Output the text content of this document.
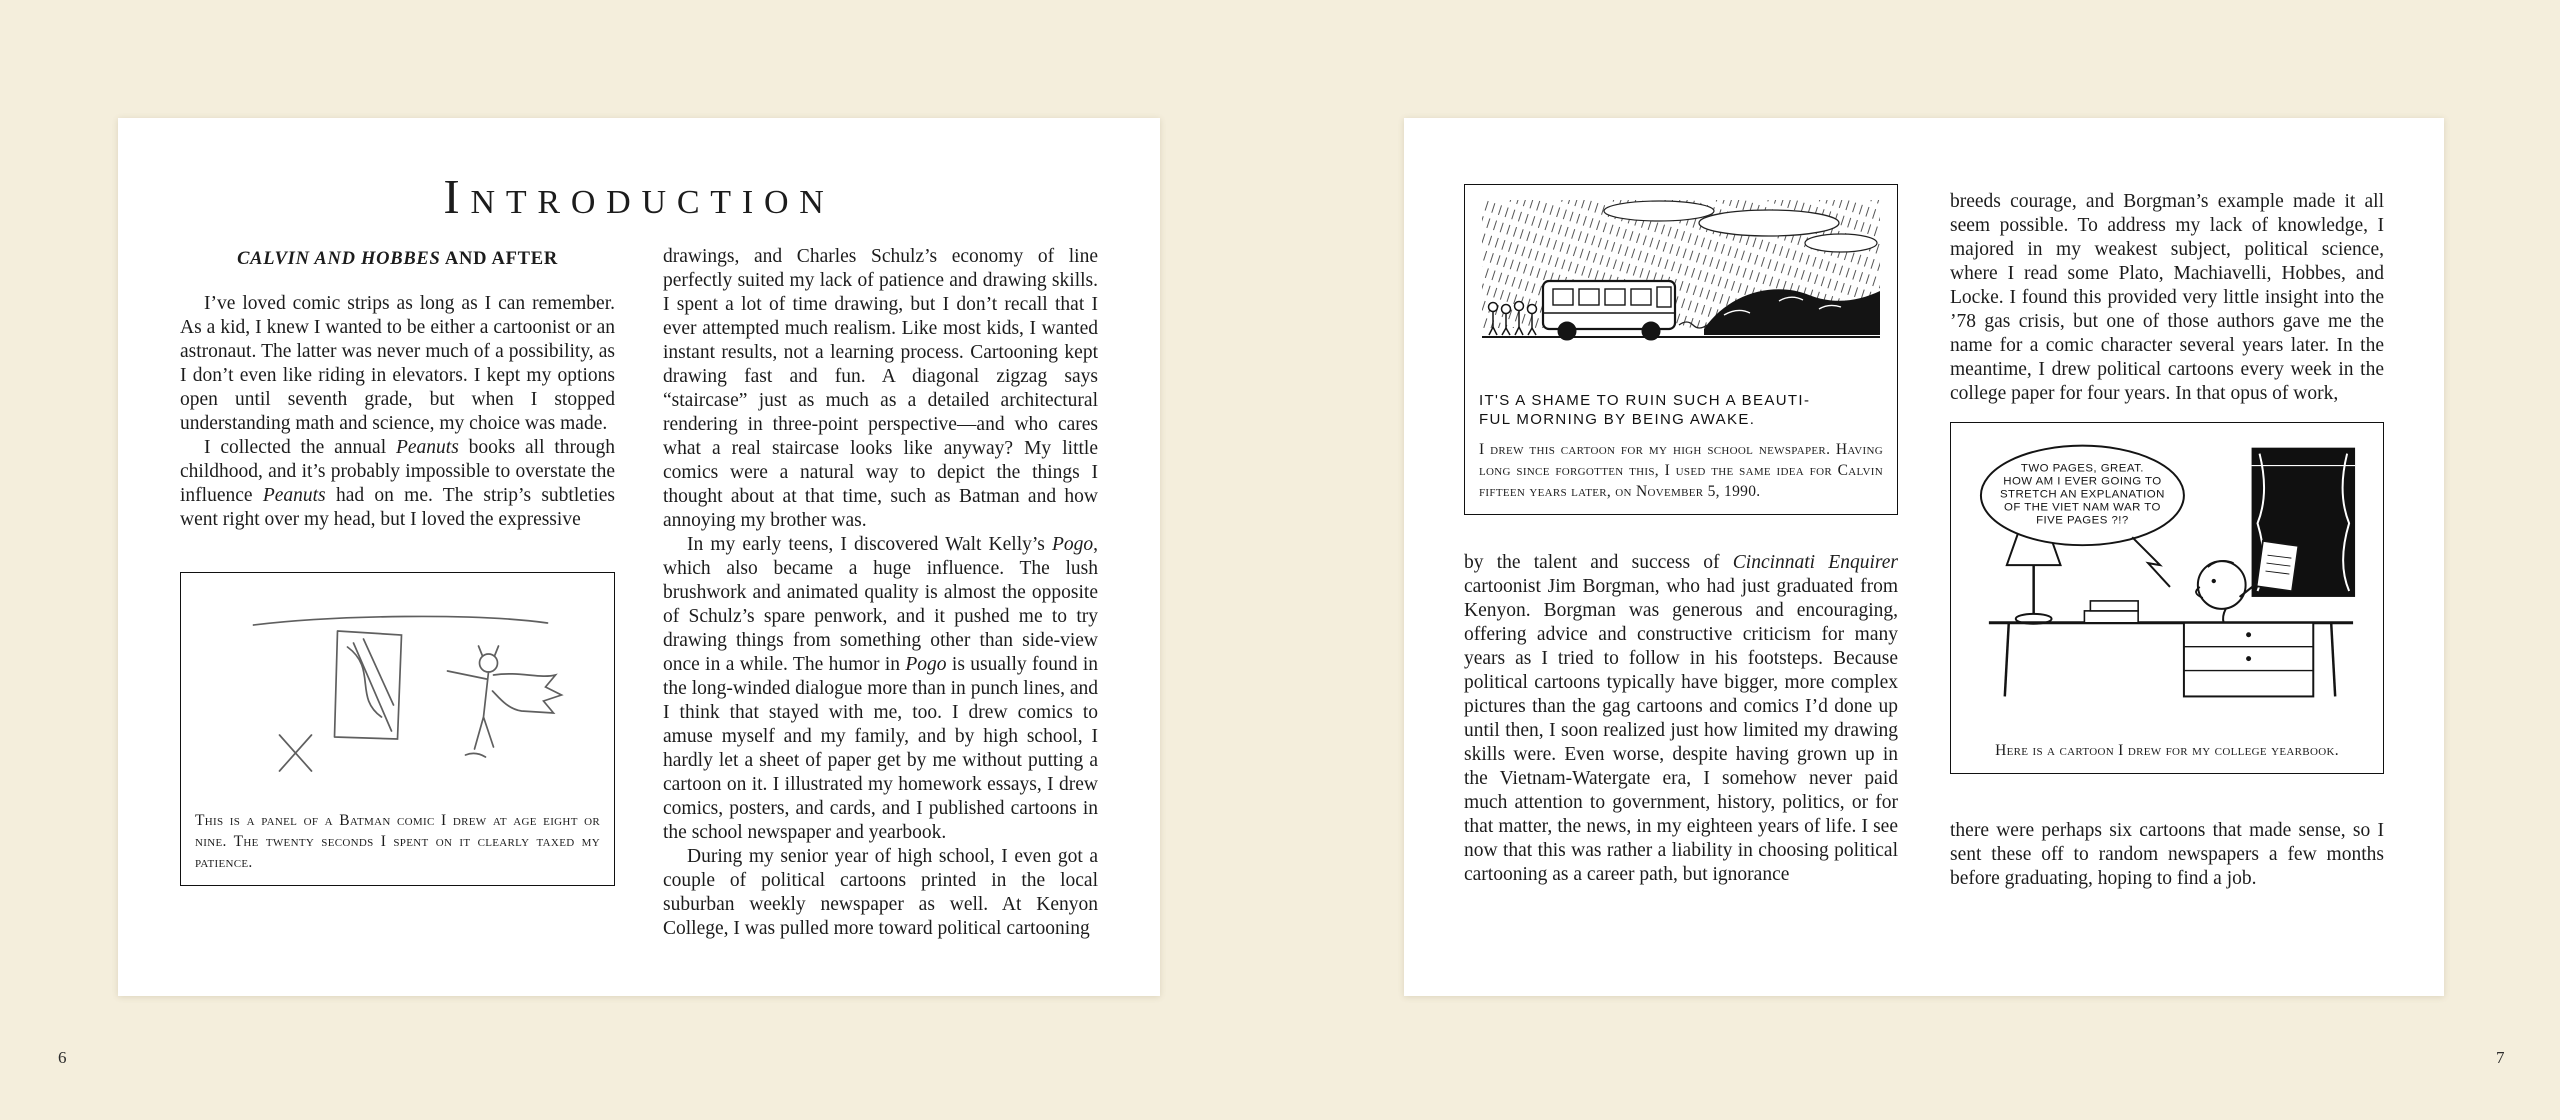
Introduction
CALVIN AND HOBBES AND AFTER

I’ve loved comic strips as long as I can remember. As a kid, I knew I wanted to be either a cartoonist or an astronaut. The latter was never much of a possibility, as I don’t even like riding in elevators. I kept my options open until seventh grade, but when I stopped understanding math and science, my choice was made.

I collected the annual Peanuts books all through childhood, and it’s probably impossible to overstate the influence Peanuts had on me. The strip’s subtleties went right over my head, but I loved the expressive

This is a panel of a Batman comic I drew at age eight or nine. The twenty seconds I spent on it clearly taxed my patience.

drawings, and Charles Schulz’s economy of line perfectly suited my lack of patience and drawing skills. I spent a lot of time drawing, but I don’t recall that I ever attempted much realism. Like most kids, I wanted instant results, not a learning process. Cartooning kept drawing fast and fun. A diagonal zigzag says “staircase” just as much as a detailed architectural rendering in three-point perspective—and who cares what a real staircase looks like anyway? My little comics were a natural way to depict the things I thought about at that time, such as Batman and how annoying my brother was.

In my early teens, I discovered Walt Kelly’s Pogo, which also became a huge influence. The lush brushwork and animated quality is almost the opposite of Schulz’s spare penwork, and it pushed me to try drawing things from something other than side-view once in a while. The humor in Pogo is usually found in the long-winded dialogue more than in punch lines, and I think that stayed with me, too. I drew comics to amuse myself and my family, and by high school, I hardly let a sheet of paper get by me without putting a cartoon on it. I illustrated my homework essays, I drew comics, posters, and cards, and I published cartoons in the school newspaper and yearbook.

During my senior year of high school, I even got a couple of political cartoons printed in the local suburban weekly newspaper as well. At Kenyon College, I was pulled more toward political cartooning

IT'S A SHAME TO RUIN SUCH A BEAUTI-
FUL MORNING BY BEING AWAKE.
I drew this cartoon for my high school newspaper. Having long since forgotten this, I used the same idea for Calvin fifteen years later, on November 5, 1990.

by the talent and success of Cincinnati Enquirer cartoonist Jim Borgman, who had just graduated from Kenyon. Borgman was generous and encouraging, offering advice and constructive criticism for many years as I tried to follow in his footsteps. Because political cartoons typically have bigger, more complex pictures than the gag cartoons and comics I’d done up until then, I soon realized just how limited my drawing skills were. Even worse, despite having grown up in the Vietnam-Watergate era, I somehow never paid much attention to government, history, politics, or for that matter, the news, in my eighteen years of life. I see now that this was rather a liability in choosing political cartooning as a career path, but ignorance

breeds courage, and Borgman’s example made it all seem possible. To address my lack of knowledge, I majored in my weakest subject, political science, where I read some Plato, Machiavelli, Hobbes, and Locke. I found this provided very little insight into the ’78 gas crisis, but one of those authors gave me the name for a comic character several years later. In the meantime, I drew political cartoons every week in the college paper for four years. In that opus of work,

TWO PAGES, GREAT.
HOW AM I EVER GOING TO
STRETCH AN EXPLANATION
OF THE VIET NAM WAR TO
FIVE PAGES ?!?
Here is a cartoon I drew for my college yearbook.

there were perhaps six cartoons that made sense, so I sent these off to random newspapers a few months before graduating, hoping to find a job.

6	7
